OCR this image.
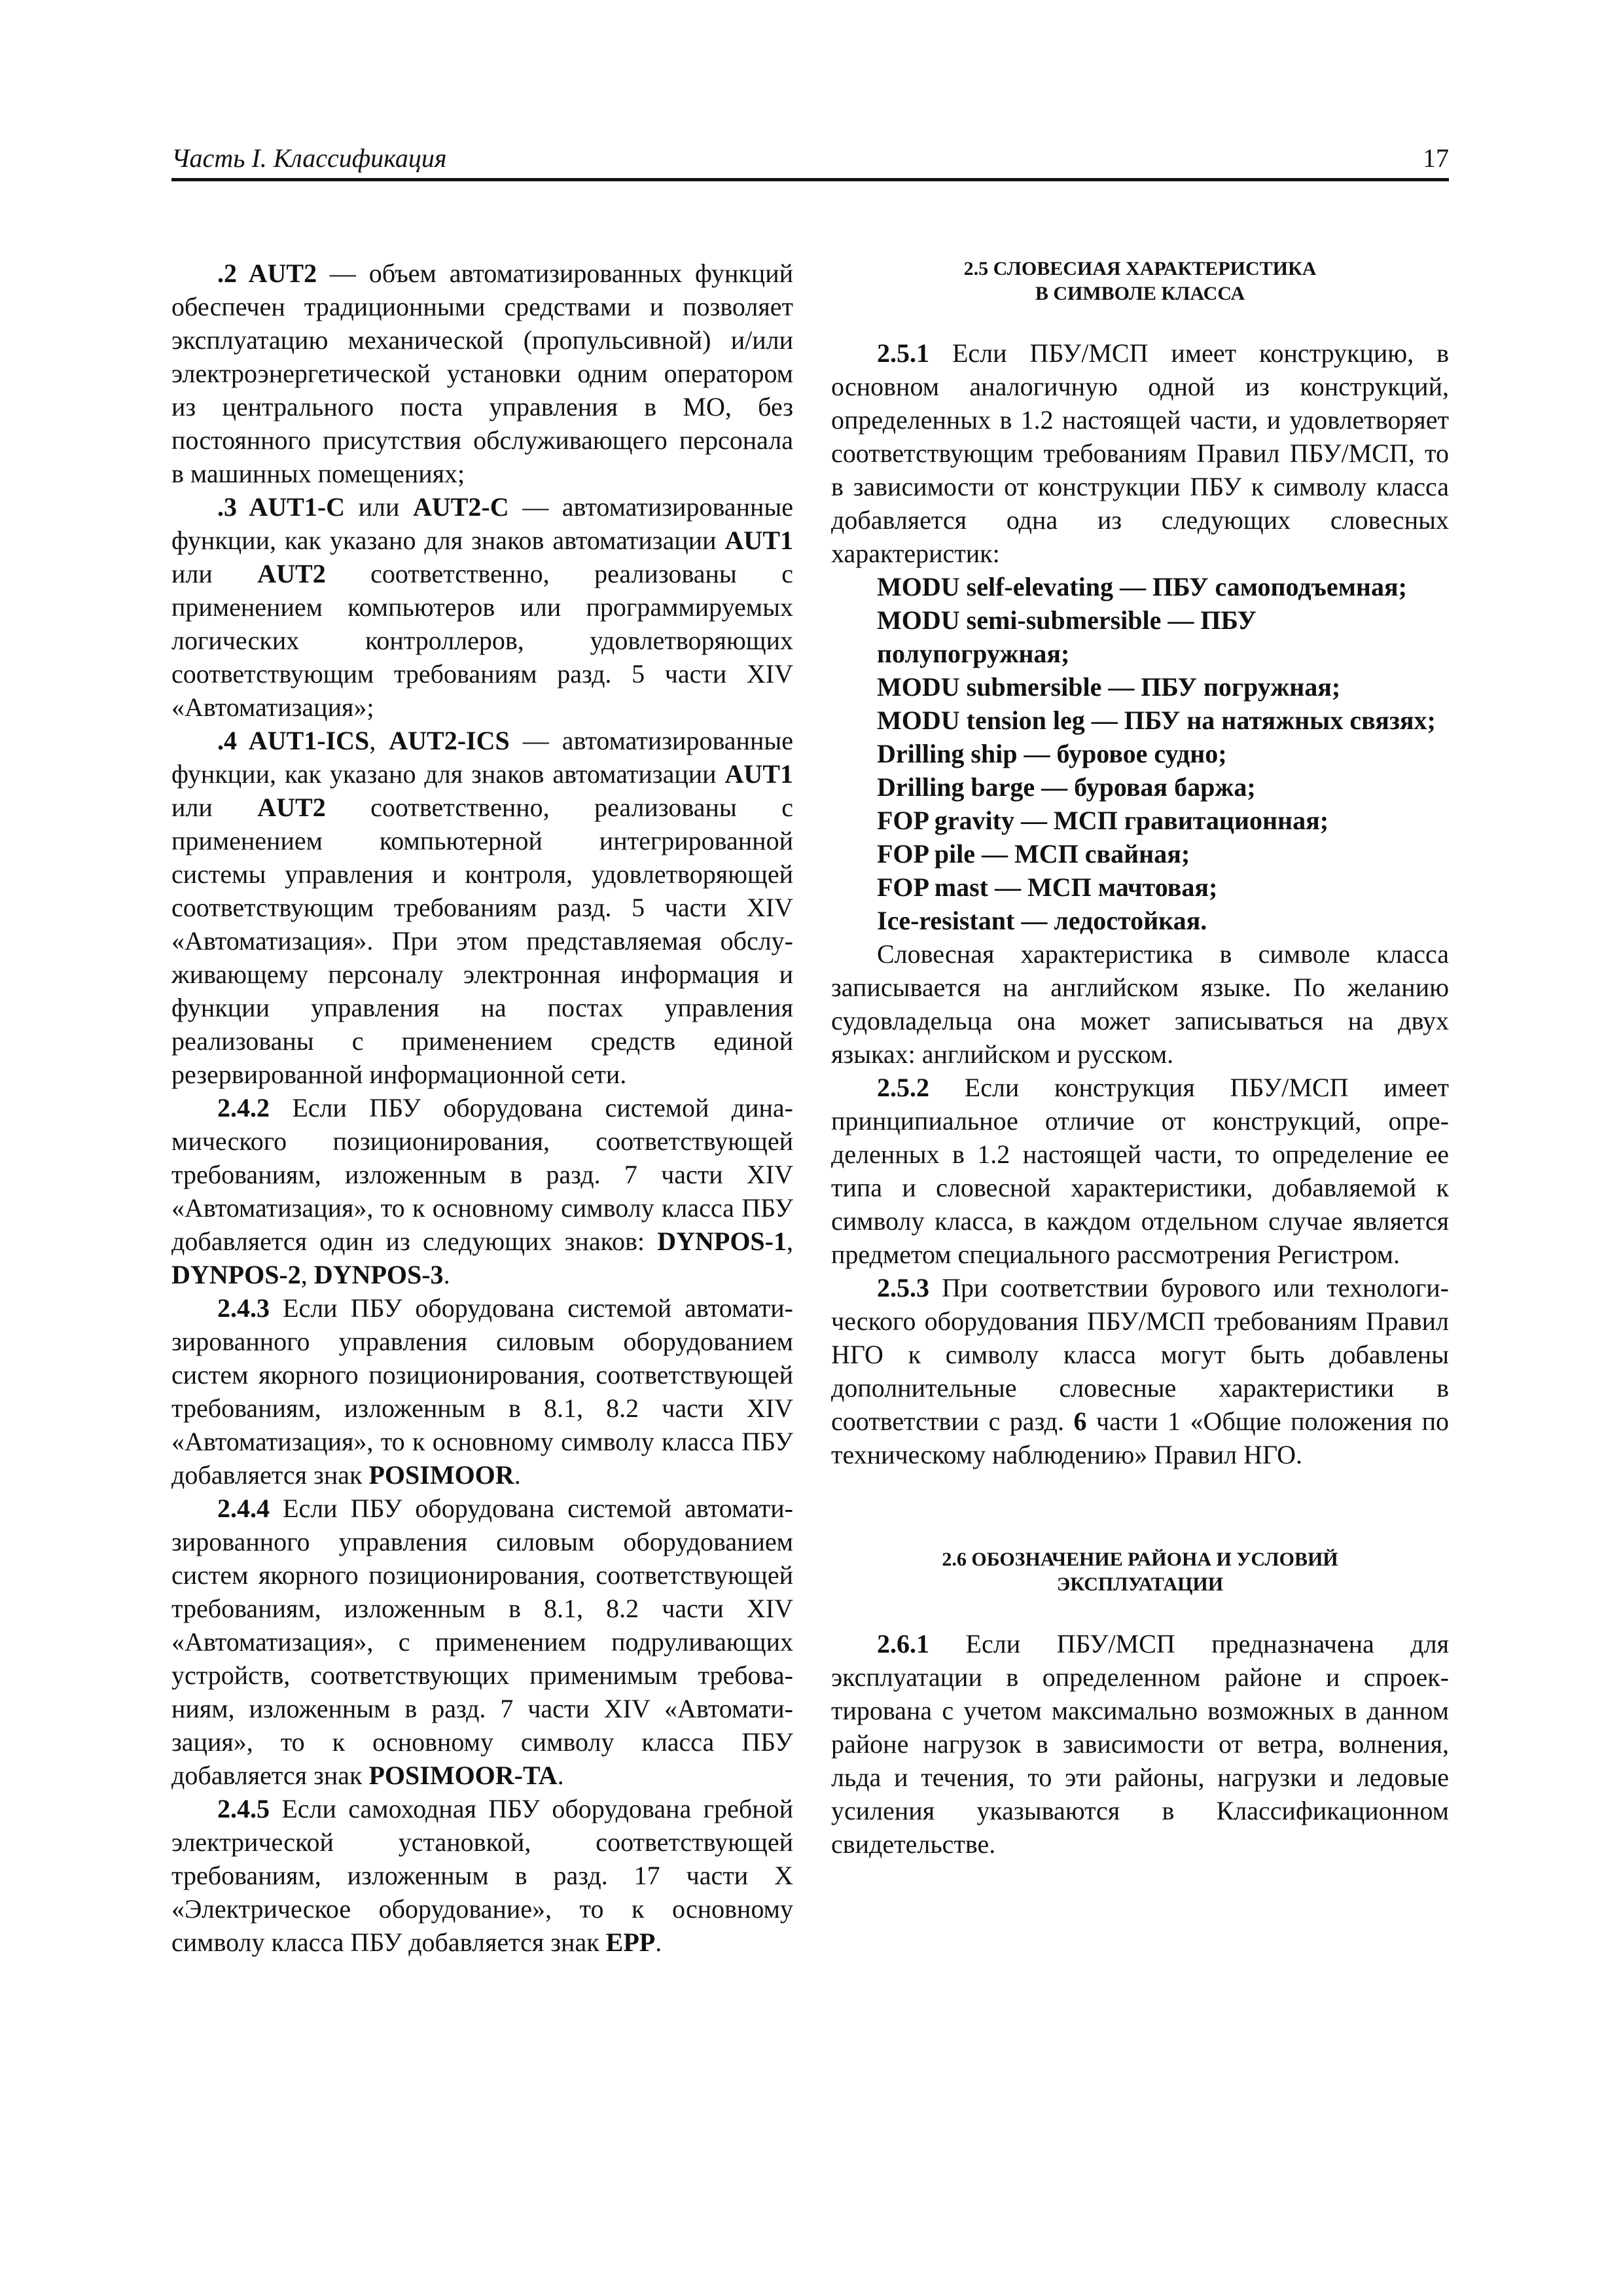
Часть I. Классификация	17

.2 AUT2 — объем автоматизированных функций обеспечен традиционными средствами и позволяет эксплуатацию механической (пропульсивной) и/или электроэнергетической установки одним оператором из центрального поста управления в МО, без постоянного присутствия обслуживающего персонала в машинных помещениях;

.3 AUT1-C или AUT2-C — автоматизированные функции, как указано для знаков автоматизации AUT1 или AUT2 соответственно, реализованы с применением компьютеров или программируемых логических контроллеров, удовлетворяющих соответствующим требованиям разд. 5 части XIV «Автоматизация»;

.4 AUT1-ICS, AUT2-ICS — автоматизированные функции, как указано для знаков автоматизации AUT1 или AUT2 соответственно, реализованы с применением компьютерной интегрированной системы управления и контроля, удовлетворяющей соответствующим требованиям разд. 5 части XIV «Автоматизация». При этом представляемая обслуживающему персоналу электронная информация и функции управления на постах управления реализованы с применением средств единой резервированной информационной сети.

2.4.2 Если ПБУ оборудована системой динамического позиционирования, соответствующей требованиям, изложенным в разд. 7 части XIV «Автоматизация», то к основному символу класса ПБУ добавляется один из следующих знаков: DYNPOS-1, DYNPOS-2, DYNPOS-3.

2.4.3 Если ПБУ оборудована системой автоматизированного управления силовым оборудованием систем якорного позиционирования, соответствующей требованиям, изложенным в 8.1, 8.2 части XIV «Автоматизация», то к основному символу класса ПБУ добавляется знак POSIMOOR.

2.4.4 Если ПБУ оборудована системой автоматизированного управления силовым оборудованием систем якорного позиционирования, соответствующей требованиям, изложенным в 8.1, 8.2 части XIV «Автоматизация», с применением подруливающих устройств, соответствующих применимым требованиям, изложенным в разд. 7 части XIV «Автоматизация», то к основному символу класса ПБУ добавляется знак POSIMOOR-TA.

2.4.5 Если самоходная ПБУ оборудована гребной электрической установкой, соответствующей требованиям, изложенным в разд. 17 части X «Электрическое оборудование», то к основному символу класса ПБУ добавляется знак EPP.

2.5 СЛОВЕСИАЯ ХАРАКТЕРИСТИКА
В СИМВОЛЕ КЛАССА

2.5.1 Если ПБУ/МСП имеет конструкцию, в основном аналогичную одной из конструкций, определенных в 1.2 настоящей части, и удовлетворяет соответствующим требованиям Правил ПБУ/МСП, то в зависимости от конструкции ПБУ к символу класса добавляется одна из следующих словесных характеристик:

MODU self-elevating — ПБУ самоподъемная;
MODU semi-submersible — ПБУ полупогружная;
MODU submersible — ПБУ погружная;
MODU tension leg — ПБУ на натяжных связях;
Drilling ship — буровое судно;
Drilling barge — буровая баржа;
FOP gravity — МСП гравитационная;
FOP pile — МСП свайная;
FOP mast — МСП мачтовая;
Ice-resistant — ледостойкая.

Словесная характеристика в символе класса записывается на английском языке. По желанию судовладельца она может записываться на двух языках: английском и русском.

2.5.2 Если конструкция ПБУ/МСП имеет принципиальное отличие от конструкций, определенных в 1.2 настоящей части, то определение ее типа и словесной характеристики, добавляемой к символу класса, в каждом отдельном случае является предметом специального рассмотрения Регистром.

2.5.3 При соответствии бурового или технологического оборудования ПБУ/МСП требованиям Правил НГО к символу класса могут быть добавлены дополнительные словесные характеристики в соответствии с разд. 6 части 1 «Общие положения по техническому наблюдению» Правил НГО.

2.6 ОБОЗНАЧЕНИЕ РАЙОНА И УСЛОВИЙ
ЭКСПЛУАТАЦИИ

2.6.1 Если ПБУ/МСП предназначена для эксплуатации в определенном районе и спроектирована с учетом максимально возможных в данном районе нагрузок в зависимости от ветра, волнения, льда и течения, то эти районы, нагрузки и ледовые усиления указываются в Классификационном свидетельстве.
